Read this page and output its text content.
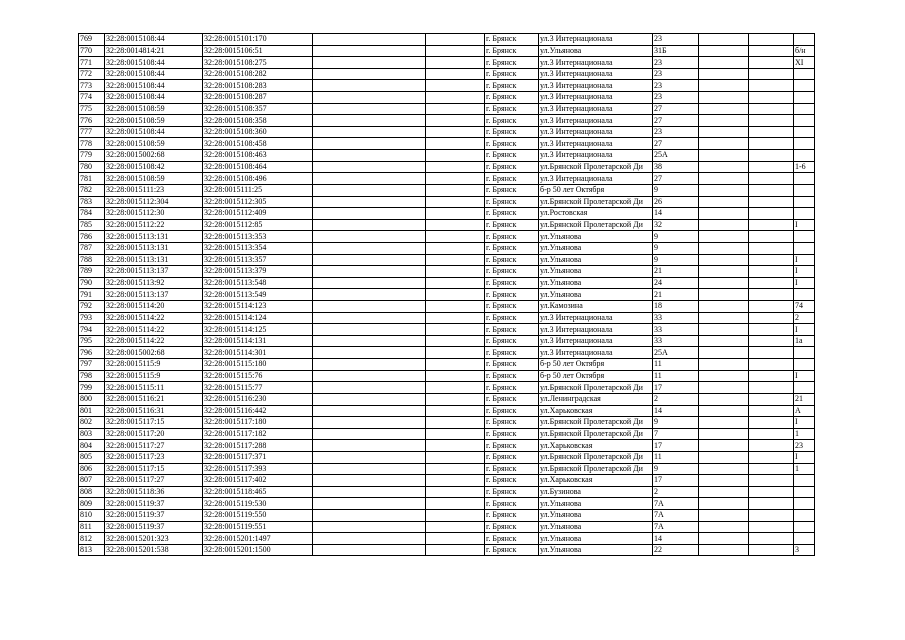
769	32:28:0015108:44	32:28:0015101:170			г. Брянск	ул.3 Интернационала	23			
770	32:28:0014814:21	32:28:0015106:51			г. Брянск	ул.Ульянова	31Б			б/н
771	32:28:0015108:44	32:28:0015108:275			г. Брянск	ул.3 Интернационала	23			XI
772	32:28:0015108:44	32:28:0015108:282			г. Брянск	ул.3 Интернационала	23			
773	32:28:0015108:44	32:28:0015108:283			г. Брянск	ул.3 Интернационала	23			
774	32:28:0015108:44	32:28:0015108:287			г. Брянск	ул.3 Интернационала	23			
775	32:28:0015108:59	32:28:0015108:357			г. Брянск	ул.3 Интернационала	27			
776	32:28:0015108:59	32:28:0015108:358			г. Брянск	ул.3 Интернационала	27			
777	32:28:0015108:44	32:28:0015108:360			г. Брянск	ул.3 Интернационала	23			
778	32:28:0015108:59	32:28:0015108:458			г. Брянск	ул.3 Интернационала	27			
779	32:28:0015002:68	32:28:0015108:463			г. Брянск	ул.3 Интернационала	25А			
780	32:28:0015108:42	32:28:0015108:464			г. Брянск	ул.Брянской Пролетарской Ди	38			1-6
781	32:28:0015108:59	32:28:0015108:496			г. Брянск	ул.3 Интернационала	27			
782	32:28:0015111:23	32:28:0015111:25			г. Брянск	б-р 50 лет Октября	9			
783	32:28:0015112:304	32:28:0015112:305			г. Брянск	ул.Брянской Пролетарской Ди	26			
784	32:28:0015112:30	32:28:0015112:409			г. Брянск	ул.Ростовская	14			
785	32:28:0015112:22	32:28:0015112:85			г. Брянск	ул.Брянской Пролетарской Ди	32			I
786	32:28:0015113:131	32:28:0015113:353			г. Брянск	ул.Ульянова	9			
787	32:28:0015113:131	32:28:0015113:354			г. Брянск	ул.Ульянова	9			
788	32:28:0015113:131	32:28:0015113:357			г. Брянск	ул.Ульянова	9			I
789	32:28:0015113:137	32:28:0015113:379			г. Брянск	ул.Ульянова	21			I
790	32:28:0015113:92	32:28:0015113:548			г. Брянск	ул.Ульянова	24			I
791	32:28:0015113:137	32:28:0015113:549			г. Брянск	ул.Ульянова	21			
792	32:28:0015114:20	32:28:0015114:123			г. Брянск	ул.Камозина	18			74
793	32:28:0015114:22	32:28:0015114:124			г. Брянск	ул.3 Интернационала	33			2
794	32:28:0015114:22	32:28:0015114:125			г. Брянск	ул.3 Интернационала	33			I
795	32:28:0015114:22	32:28:0015114:131			г. Брянск	ул.3 Интернационала	33			1а
796	32:28:0015002:68	32:28:0015114:301			г. Брянск	ул.3 Интернационала	25А			
797	32:28:0015115:9	32:28:0015115:180			г. Брянск	б-р 50 лет Октября	11			
798	32:28:0015115:9	32:28:0015115:76			г. Брянск	б-р 50 лет Октября	11			I
799	32:28:0015115:11	32:28:0015115:77			г. Брянск	ул.Брянской Пролетарской Ди	17			
800	32:28:0015116:21	32:28:0015116:230			г. Брянск	ул.Ленинградская	2			21
801	32:28:0015116:31	32:28:0015116:442			г. Брянск	ул.Харьковская	14			А
802	32:28:0015117:15	32:28:0015117:180			г. Брянск	ул.Брянской Пролетарской Ди	9			I
803	32:28:0015117:20	32:28:0015117:182			г. Брянск	ул.Брянской Пролетарской Ди	7			1
804	32:28:0015117:27	32:28:0015117:288			г. Брянск	ул.Харьковская	17			23
805	32:28:0015117:23	32:28:0015117:371			г. Брянск	ул.Брянской Пролетарской Ди	11			I
806	32:28:0015117:15	32:28:0015117:393			г. Брянск	ул.Брянской Пролетарской Ди	9			1
807	32:28:0015117:27	32:28:0015117:402			г. Брянск	ул.Харьковская	17			
808	32:28:0015118:36	32:28:0015118:465			г. Брянск	ул.Бузинова	2			
809	32:28:0015119:37	32:28:0015119:530			г. Брянск	ул.Ульянова	7А			
810	32:28:0015119:37	32:28:0015119:550			г. Брянск	ул.Ульянова	7А			
811	32:28:0015119:37	32:28:0015119:551			г. Брянск	ул.Ульянова	7А			
812	32:28:0015201:323	32:28:0015201:1497			г. Брянск	ул.Ульянова	14			
813	32:28:0015201:538	32:28:0015201:1500			г. Брянск	ул.Ульянова	22			3
